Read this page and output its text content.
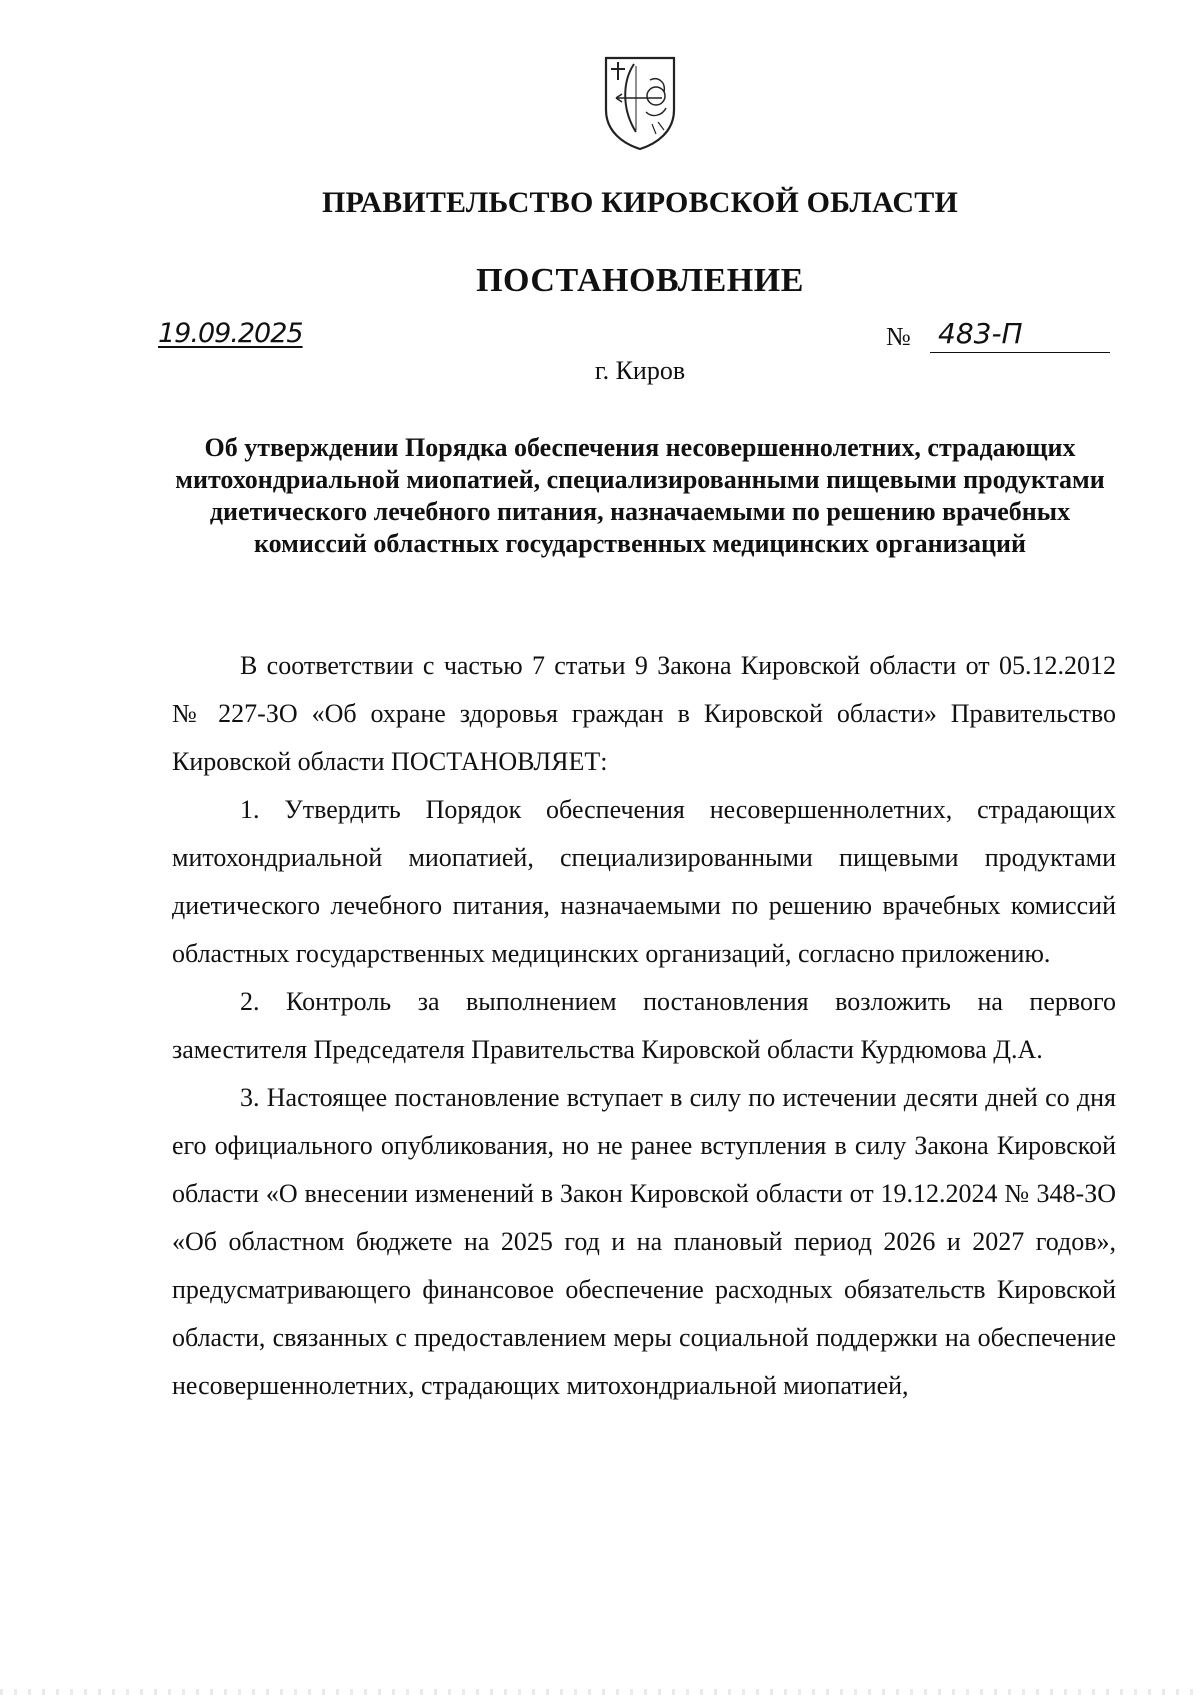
ПРАВИТЕЛЬСТВО КИРОВСКОЙ ОБЛАСТИ
ПОСТАНОВЛЕНИЕ
19.09.2025	№ 483-П
г. Киров
Об утверждении Порядка обеспечения несовершеннолетних, страдающих митохондриальной миопатией, специализированными пищевыми продуктами диетического лечебного питания, назначаемыми по решению врачебных комиссий областных государственных медицинских организаций

В соответствии с частью 7 статьи 9 Закона Кировской области от 05.12.2012 № 227-ЗО «Об охране здоровья граждан в Кировской области» Правительство Кировской области ПОСТАНОВЛЯЕТ:

1. Утвердить Порядок обеспечения несовершеннолетних, страдающих митохондриальной миопатией, специализированными пищевыми продуктами диетического лечебного питания, назначаемыми по решению врачебных комиссий областных государственных медицинских организаций, согласно приложению.

2. Контроль за выполнением постановления возложить на первого заместителя Председателя Правительства Кировской области Курдюмова Д.А.

3. Настоящее постановление вступает в силу по истечении десяти дней со дня его официального опубликования, но не ранее вступления в силу Закона Кировской области «О внесении изменений в Закон Кировской области от 19.12.2024 № 348-ЗО «Об областном бюджете на 2025 год и на плановый период 2026 и 2027 годов», предусматривающего финансовое обеспечение расходных обязательств Кировской области, связанных с предоставлением меры социальной поддержки на обеспечение несовершеннолетних, страдающих митохондриальной миопатией,
